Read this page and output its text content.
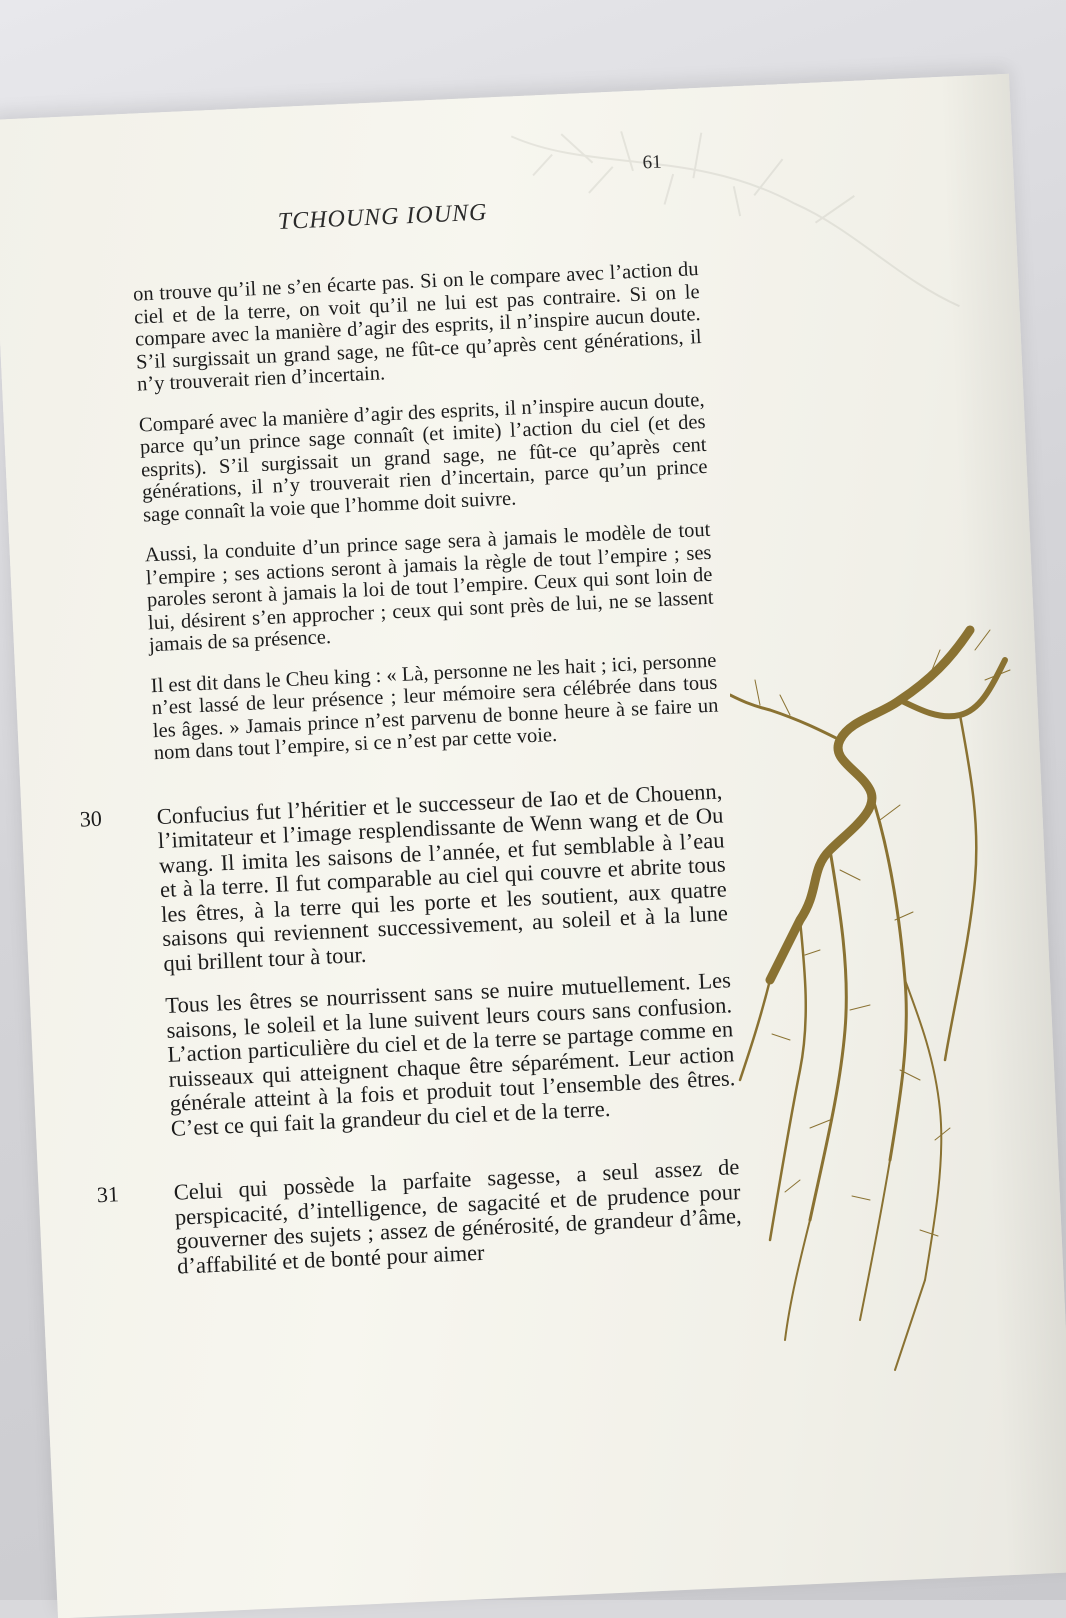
61
TCHOUNG IOUNG

on trouve qu’il ne s’en écarte pas. Si on le compare avec l’action du ciel et de la terre, on voit qu’il ne lui est pas contraire. Si on le compare avec la manière d’agir des esprits, il n’inspire aucun doute. S’il surgissait un grand sage, ne fût-ce qu’après cent générations, il n’y trouverait rien d’incertain.

Comparé avec la manière d’agir des esprits, il n’inspire aucun doute, parce qu’un prince sage connaît (et imite) l’action du ciel (et des esprits). S’il surgissait un grand sage, ne fût-ce qu’après cent générations, il n’y trouverait rien d’incertain, parce qu’un prince sage connaît la voie que l’homme doit suivre.

Aussi, la conduite d’un prince sage sera à jamais le modèle de tout l’empire ; ses actions seront à jamais la règle de tout l’empire ; ses paroles seront à jamais la loi de tout l’empire. Ceux qui sont loin de lui, désirent s’en approcher ; ceux qui sont près de lui, ne se lassent jamais de sa présence.

Il est dit dans le Cheu king : « Là, personne ne les hait ; ici, personne n’est lassé de leur présence ; leur mémoire sera célébrée dans tous les âges. » Jamais prince n’est parvenu de bonne heure à se faire un nom dans tout l’empire, si ce n’est par cette voie.

30 Confucius fut l’héritier et le successeur de Iao et de Chouenn, l’imitateur et l’image resplendissante de Wenn wang et de Ou wang. Il imita les saisons de l’année, et fut semblable à l’eau et à la terre. Il fut comparable au ciel qui couvre et abrite tous les êtres, à la terre qui les porte et les soutient, aux quatre saisons qui reviennent successivement, au soleil et à la lune qui brillent tour à tour.

Tous les êtres se nourrissent sans se nuire mutuellement. Les saisons, le soleil et la lune suivent leurs cours sans confusion. L’action particulière du ciel et de la terre se partage comme en ruisseaux qui atteignent chaque être séparément. Leur action générale atteint à la fois et produit tout l’ensemble des êtres. C’est ce qui fait la grandeur du ciel et de la terre.

31 Celui qui possède la parfaite sagesse, a seul assez de perspicacité, d’intelligence, de sagacité et de prudence pour gouverner des sujets ; assez de générosité, de grandeur d’âme, d’affabilité et de bonté pour aimer
